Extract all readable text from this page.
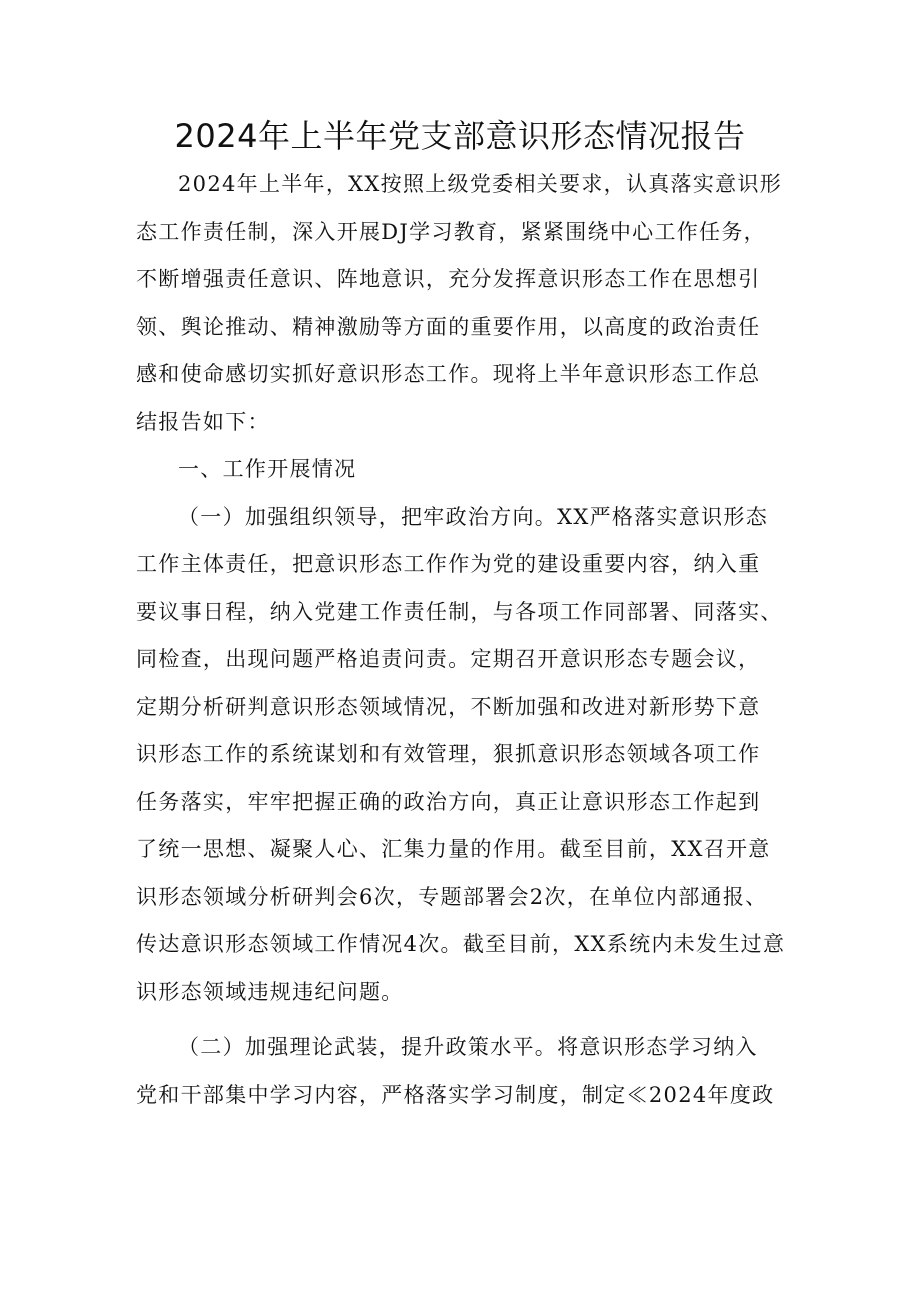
2024年上半年党支部意识形态情况报告
2024年上半年，XX按照上级党委相关要求，认真落实意识形
态工作责任制，深入开展DJ学习教育，紧紧围绕中心工作任务，
不断增强责任意识、阵地意识，充分发挥意识形态工作在思想引
领、舆论推动、精神激励等方面的重要作用，以高度的政治责任
感和使命感切实抓好意识形态工作。现将上半年意识形态工作总
结报告如下：
一、工作开展情况
（一）加强组织领导，把牢政治方向。XX严格落实意识形态
工作主体责任，把意识形态工作作为党的建设重要内容，纳入重
要议事日程，纳入党建工作责任制，与各项工作同部署、同落实、
同检查，出现问题严格追责问责。定期召开意识形态专题会议，
定期分析研判意识形态领域情况，不断加强和改进对新形势下意
识形态工作的系统谋划和有效管理，狠抓意识形态领域各项工作
任务落实，牢牢把握正确的政治方向，真正让意识形态工作起到
了统一思想、凝聚人心、汇集力量的作用。截至目前，XX召开意
识形态领域分析研判会6次，专题部署会2次，在单位内部通报、
传达意识形态领域工作情况4次。截至目前，XX系统内未发生过意
识形态领域违规违纪问题。
（二）加强理论武装，提升政策水平。将意识形态学习纳入
党和干部集中学习内容，严格落实学习制度，制定≪2024年度政
